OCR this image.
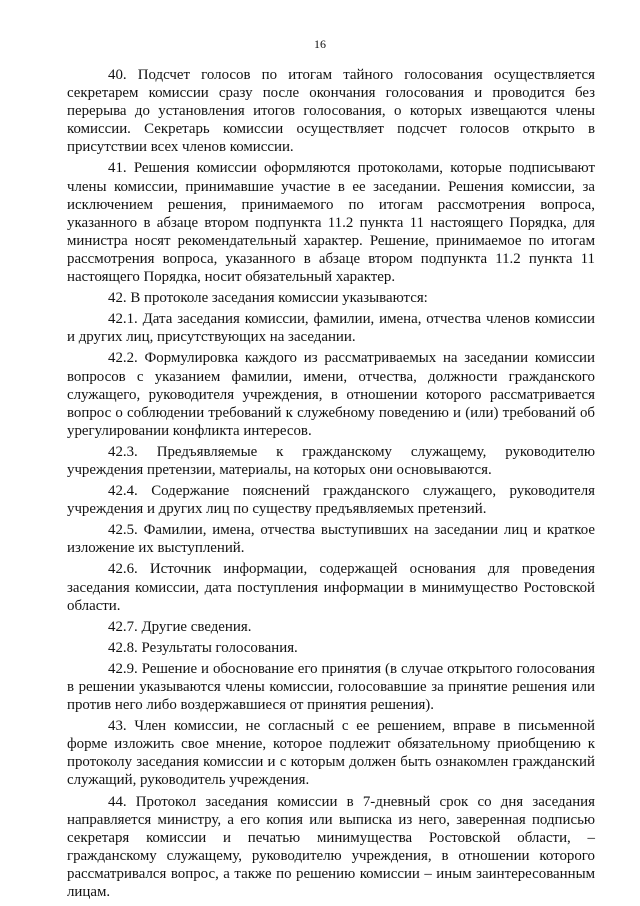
16

40. Подсчет голосов по итогам тайного голосования осуществляется секретарем комиссии сразу после окончания голосования и проводится без перерыва до установления итогов голосования, о которых извещаются члены комиссии. Секретарь комиссии осуществляет подсчет голосов открыто в присутствии всех членов комиссии.

41. Решения комиссии оформляются протоколами, которые подписывают члены комиссии, принимавшие участие в ее заседании. Решения комиссии, за исключением решения, принимаемого по итогам рассмотрения вопроса, указанного в абзаце втором подпункта 11.2 пункта 11 настоящего Порядка, для министра носят рекомендательный характер. Решение, принимаемое по итогам рассмотрения вопроса, указанного в абзаце втором подпункта 11.2 пункта 11 настоящего Порядка, носит обязательный характер.

42. В протоколе заседания комиссии указываются:

42.1. Дата заседания комиссии, фамилии, имена, отчества членов комиссии и других лиц, присутствующих на заседании.

42.2. Формулировка каждого из рассматриваемых на заседании комиссии вопросов с указанием фамилии, имени, отчества, должности гражданского служащего, руководителя учреждения, в отношении которого рассматривается вопрос о соблюдении требований к служебному поведению и (или) требований об урегулировании конфликта интересов.

42.3. Предъявляемые к гражданскому служащему, руководителю учреждения претензии, материалы, на которых они основываются.

42.4. Содержание пояснений гражданского служащего, руководителя учреждения и других лиц по существу предъявляемых претензий.

42.5. Фамилии, имена, отчества выступивших на заседании лиц и краткое изложение их выступлений.

42.6. Источник информации, содержащей основания для проведения заседания комиссии, дата поступления информации в минимущество Ростовской области.

42.7. Другие сведения.

42.8. Результаты голосования.

42.9. Решение и обоснование его принятия (в случае открытого голосования в решении указываются члены комиссии, голосовавшие за принятие решения или против него либо воздержавшиеся от принятия решения).

43. Член комиссии, не согласный с ее решением, вправе в письменной форме изложить свое мнение, которое подлежит обязательному приобщению к протоколу заседания комиссии и с которым должен быть ознакомлен гражданский служащий, руководитель учреждения.

44. Протокол заседания комиссии в 7-дневный срок со дня заседания направляется министру, а его копия или выписка из него, заверенная подписью секретаря комиссии и печатью минимущества Ростовской области, – гражданскому служащему, руководителю учреждения, в отношении которого рассматривался вопрос, а также по решению комиссии – иным заинтересованным лицам.
